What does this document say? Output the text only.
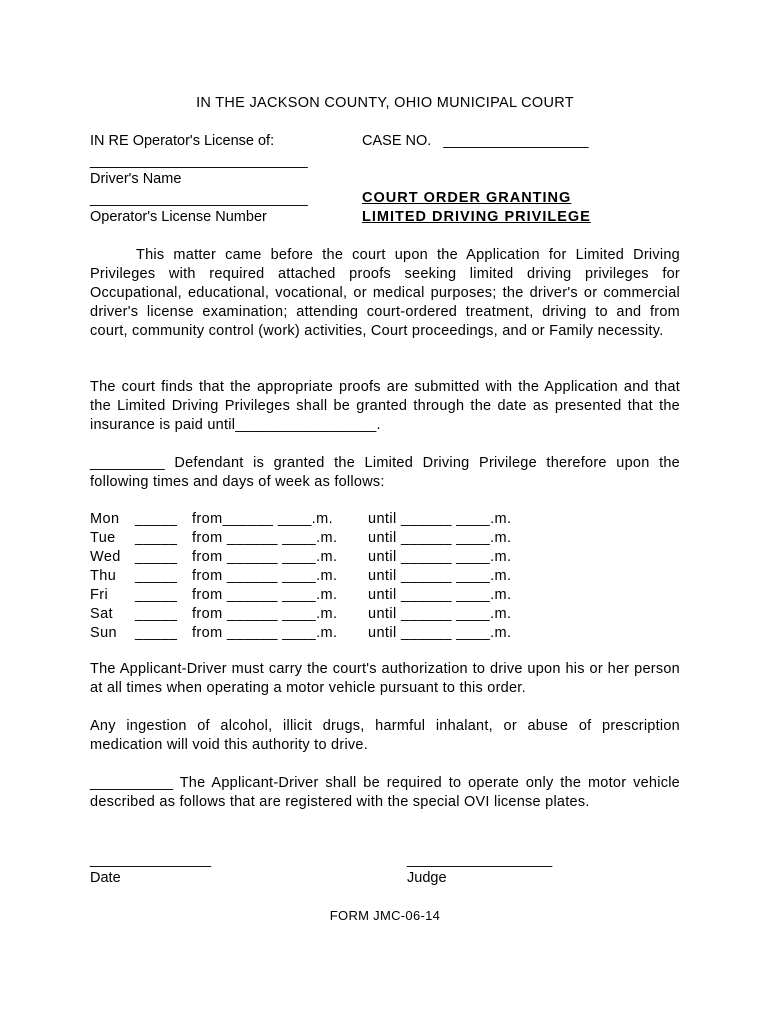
IN THE JACKSON COUNTY, OHIO MUNICIPAL COURT
IN RE Operator's License of:	CASE NO. __________________
___________________________
Driver's Name
___________________________
Operator's License Number
COURT ORDER GRANTING
LIMITED DRIVING PRIVILEGE
This matter came before the court upon the Application for Limited Driving Privileges with required attached proofs seeking limited driving privileges for Occupational, educational, vocational, or medical purposes; the driver's or commercial driver's license examination; attending court-ordered treatment, driving to and from court, community control (work) activities, Court proceedings, and or Family necessity.
The court finds that the appropriate proofs are submitted with the Application and that the Limited Driving Privileges shall be granted through the date as presented that the insurance is paid until_________________.
_________ Defendant is granted the Limited Driving Privilege therefore upon the following times and days of week as follows:
Mon _____ from______ ____.m. until ______ ____.m.
Tue _____ from ______ ____.m. until ______ ____.m.
Wed _____ from ______ ____.m. until ______ ____.m.
Thu _____ from ______ ____.m. until ______ ____.m.
Fri _____ from ______ ____.m. until ______ ____.m.
Sat _____ from ______ ____.m. until ______ ____.m.
Sun _____ from ______ ____.m. until ______ ____.m.
The Applicant-Driver must carry the court's authorization to drive upon his or her person at all times when operating a motor vehicle pursuant to this order.
Any ingestion of alcohol, illicit drugs, harmful inhalant, or abuse of prescription medication will void this authority to drive.
__________ The Applicant-Driver shall be required to operate only the motor vehicle described as follows that are registered with the special OVI license plates.
_______________
Date
__________________
Judge
FORM JMC-06-14
